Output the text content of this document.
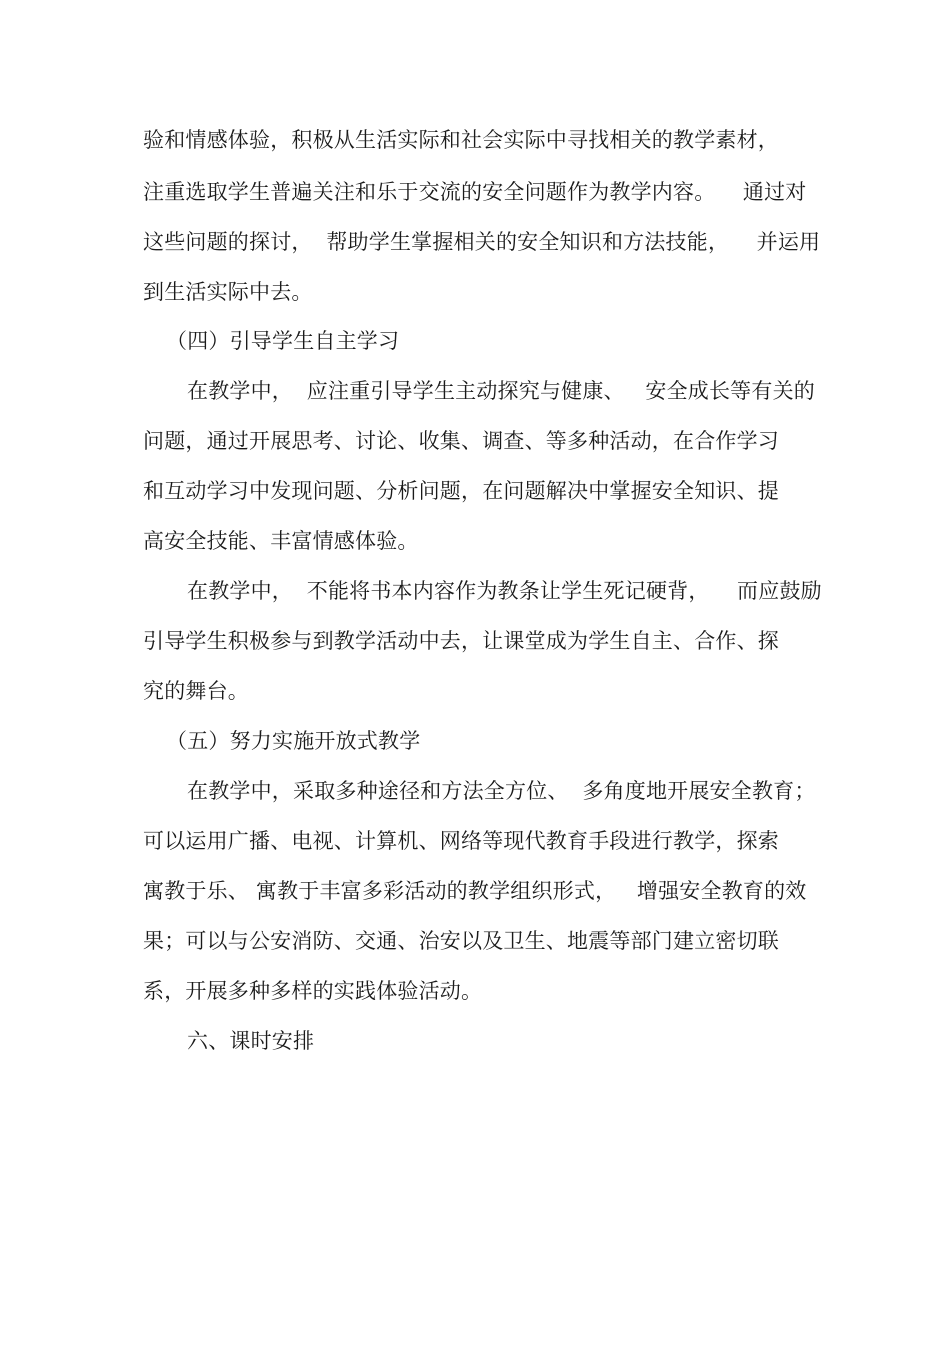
验和情感体验，积极从生活实际和社会实际中寻找相关的教学素材，
注重选取学生普遍关注和乐于交流的安全问题作为教学内容。    通过对
这些问题的探讨，  帮助学生掌握相关的安全知识和方法技能，    并运用
到生活实际中去。
（四）引导学生自主学习
在教学中，  应注重引导学生主动探究与健康、   安全成长等有关的
问题，通过开展思考、讨论、收集、调查、等多种活动，在合作学习
和互动学习中发现问题、分析问题，在问题解决中掌握安全知识、提
高安全技能、丰富情感体验。
在教学中，  不能将书本内容作为教条让学生死记硬背，    而应鼓励
引导学生积极参与到教学活动中去，让课堂成为学生自主、合作、探
究的舞台。
（五）努力实施开放式教学
在教学中，采取多种途径和方法全方位、  多角度地开展安全教育；
可以运用广播、电视、计算机、网络等现代教育手段进行教学，探索
寓教于乐、 寓教于丰富多彩活动的教学组织形式，   增强安全教育的效
果；可以与公安消防、交通、治安以及卫生、地震等部门建立密切联
系，开展多种多样的实践体验活动。
六、课时安排
